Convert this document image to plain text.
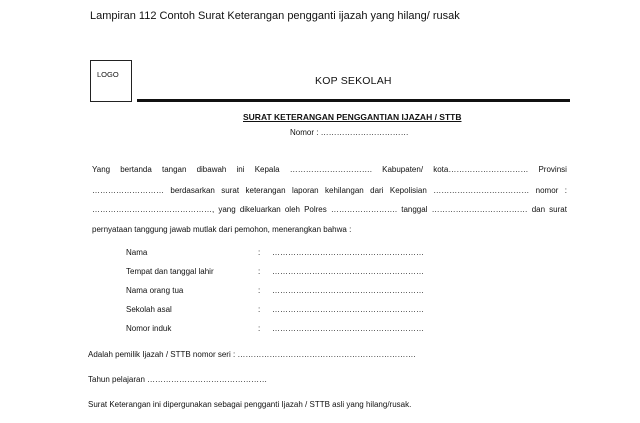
Lampiran 112 Contoh Surat Keterangan pengganti ijazah yang hilang/ rusak
LOGO
KOP SEKOLAH
SURAT KETERANGAN PENGGANTIAN IJAZAH / STTB
Nomor : ……………………………
Yang bertanda tangan dibawah ini Kepala …………………………. Kabupaten/ kota………………………… Provinsi
……………………… berdasarkan surat keterangan laporan kehilangan dari Kepolisian ……………………………… nomor :
………………………………………, yang dikeluarkan oleh Polres ……………………. tanggal ……………………………… dan surat
pernyataan tanggung jawab mutlak dari pemohon, menerangkan bahwa :
Nama	: …………………………………………………
Tempat dan tanggal lahir	: …………………………………………………
Nama orang tua	: …………………………………………………
Sekolah asal	: …………………………………………………
Nomor induk	: …………………………………………………
Adalah pemilik Ijazah / STTB nomor seri : ………………………………………………………….
Tahun pelajaran ………………………………………
Surat Keterangan ini dipergunakan sebagai pengganti Ijazah / STTB asli yang hilang/rusak.
